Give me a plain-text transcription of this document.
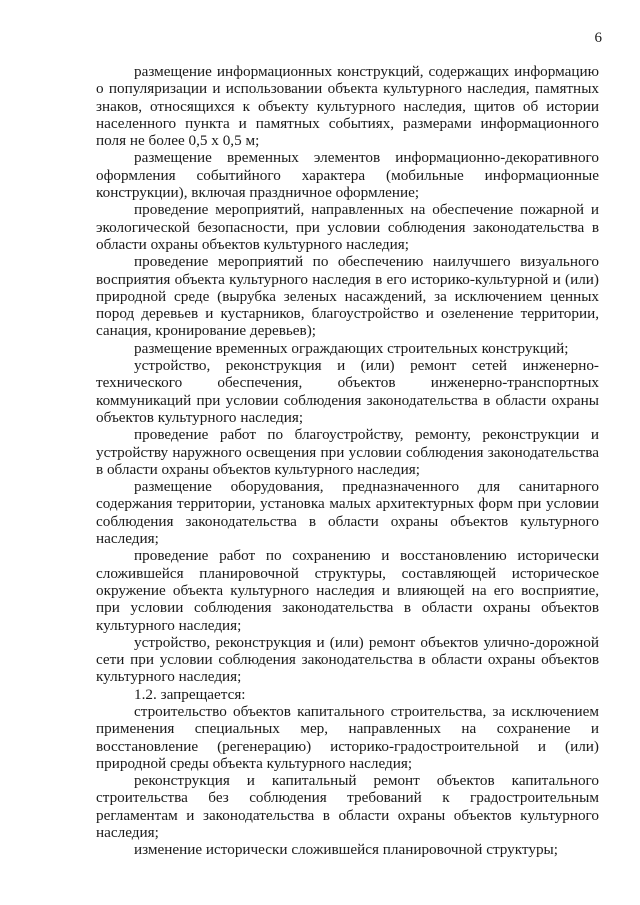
6

размещение информационных конструкций, содержащих информацию о популяризации и использовании объекта культурного наследия, памятных знаков, относящихся к объекту культурного наследия, щитов об истории населенного пункта и памятных событиях, размерами информационного поля не более 0,5 х 0,5 м;

размещение временных элементов информационно-декоративного оформления событийного характера (мобильные информационные конструкции), включая праздничное оформление;

проведение мероприятий, направленных на обеспечение пожарной и экологической безопасности, при условии соблюдения законодательства в области охраны объектов культурного наследия;

проведение мероприятий по обеспечению наилучшего визуального восприятия объекта культурного наследия в его историко-культурной и (или) природной среде (вырубка зеленых насаждений, за исключением ценных пород деревьев и кустарников, благоустройство и озеленение территории, санация, кронирование деревьев);

размещение временных ограждающих строительных конструкций;

устройство, реконструкция и (или) ремонт сетей инженерно-технического обеспечения, объектов инженерно-транспортных коммуникаций при условии соблюдения законодательства в области охраны объектов культурного наследия;

проведение работ по благоустройству, ремонту, реконструкции и устройству наружного освещения при условии соблюдения законодательства в области охраны объектов культурного наследия;

размещение оборудования, предназначенного для санитарного содержания территории, установка малых архитектурных форм при условии соблюдения законодательства в области охраны объектов культурного наследия;

проведение работ по сохранению и восстановлению исторически сложившейся планировочной структуры, составляющей историческое окружение объекта культурного наследия и влияющей на его восприятие, при условии соблюдения законодательства в области охраны объектов культурного наследия;

устройство, реконструкция и (или) ремонт объектов улично-дорожной сети при условии соблюдения законодательства в области охраны объектов культурного наследия;

1.2. запрещается:

строительство объектов капитального строительства, за исключением применения специальных мер, направленных на сохранение и восстановление (регенерацию) историко-градостроительной и (или) природной среды объекта культурного наследия;

реконструкция и капитальный ремонт объектов капитального строительства без соблюдения требований к градостроительным регламентам и законодательства в области охраны объектов культурного наследия;

изменение исторически сложившейся планировочной структуры;
